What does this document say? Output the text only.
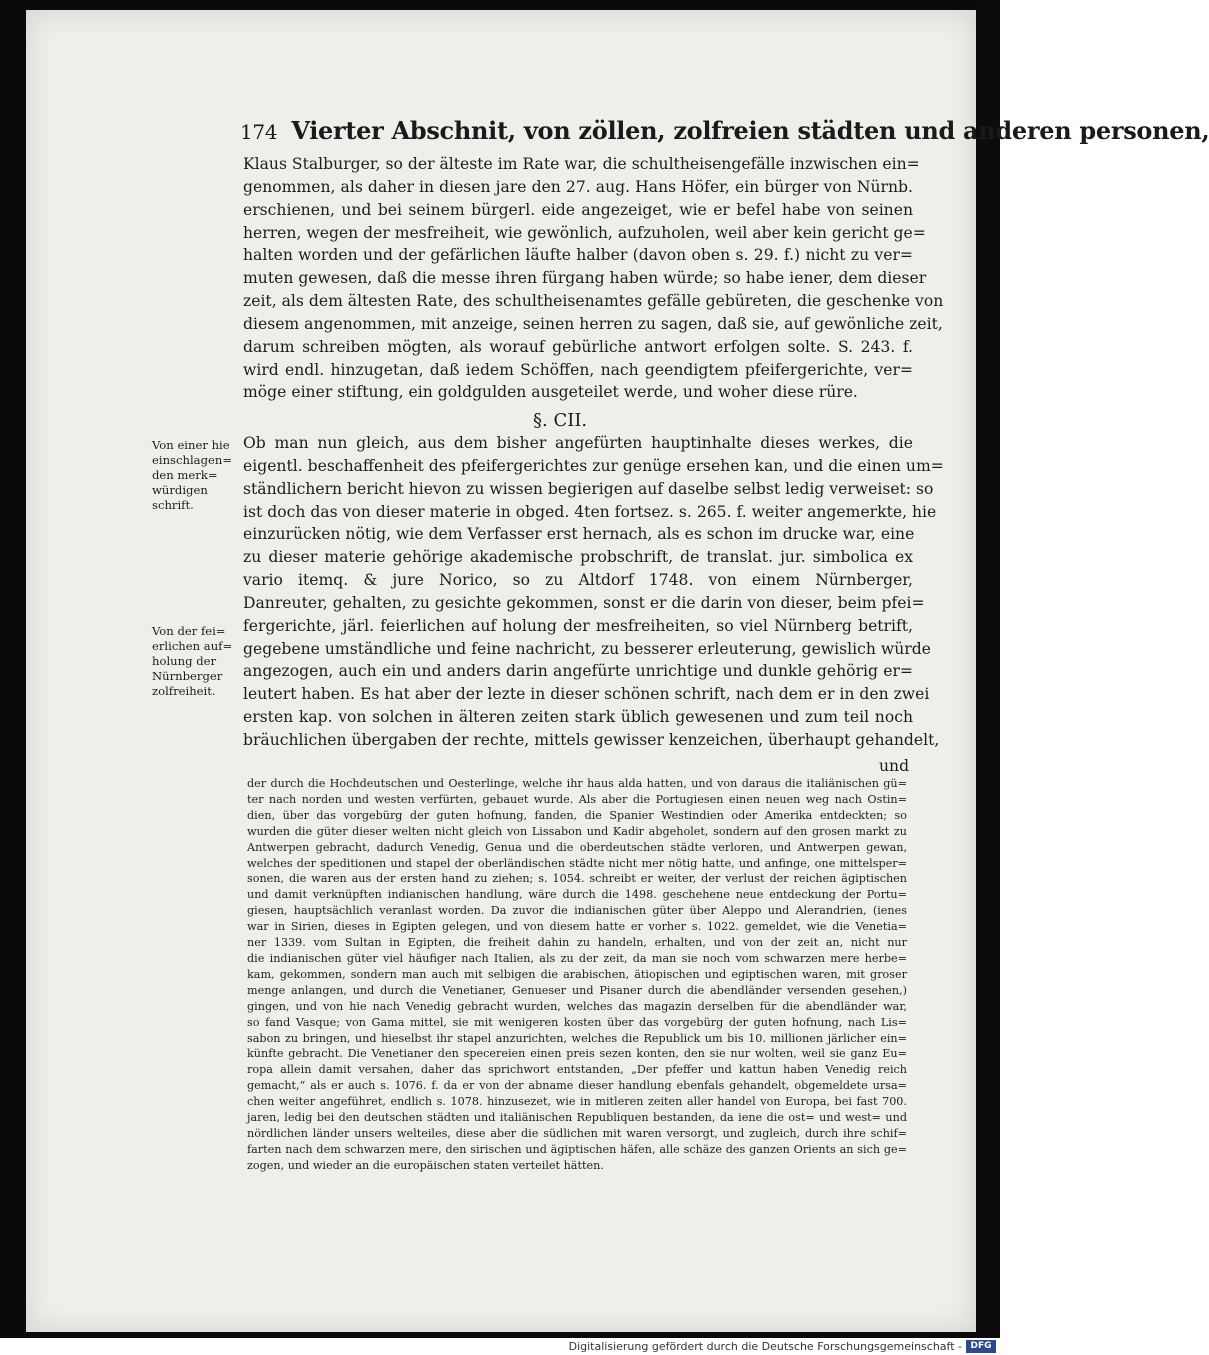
174 Vierter Abschnit, von zöllen, zolfreien städten und anderen personen,
Klaus Stalburger, so der älteste im Rate war, die schultheisengefälle inzwischen ein=
genommen, als daher in diesen jare den 27. aug. Hans Höfer, ein bürger von Nürnb.
erschienen, und bei seinem bürgerl. eide angezeiget, wie er befel habe von seinen
herren, wegen der mesfreiheit, wie gewönlich, aufzuholen, weil aber kein gericht ge=
halten worden und der gefärlichen läufte halber (davon oben s. 29. f.) nicht zu ver=
muten gewesen, daß die messe ihren fürgang haben würde; so habe iener, dem dieser
zeit, als dem ältesten Rate, des schultheisenamtes gefälle gebüreten, die geschenke von
diesem angenommen, mit anzeige, seinen herren zu sagen, daß sie, auf gewönliche zeit,
darum schreiben mögten, als worauf gebürliche antwort erfolgen solte. S. 243. f.
wird endl. hinzugetan, daß iedem Schöffen, nach geendigtem pfeifergerichte, ver=
möge einer stiftung, ein goldgulden ausgeteilet werde, und woher diese rüre.
§. CII.
Ob man nun gleich, aus dem bisher angefürten hauptinhalte dieses werkes, die
eigentl. beschaffenheit des pfeifergerichtes zur genüge ersehen kan, und die einen um=
ständlichern bericht hievon zu wissen begierigen auf daselbe selbst ledig verweiset: so
ist doch das von dieser materie in obged. 4ten fortsez. s. 265. f. weiter angemerkte, hie
einzurücken nötig, wie dem Verfasser erst hernach, als es schon im drucke war, eine
zu dieser materie gehörige akademische probschrift, de translat. jur. simbolica ex
vario itemq. & jure Norico, so zu Altdorf 1748. von einem Nürnberger,
Danreuter, gehalten, zu gesichte gekommen, sonst er die darin von dieser, beim pfei=
fergerichte, järl. feierlichen auf holung der mesfreiheiten, so viel Nürnberg betrift,
gegebene umständliche und feine nachricht, zu besserer erleuterung, gewislich würde
angezogen, auch ein und anders darin angefürte unrichtige und dunkle gehörig er=
leutert haben. Es hat aber der lezte in dieser schönen schrift, nach dem er in den zwei
ersten kap. von solchen in älteren zeiten stark üblich gewesenen und zum teil noch
bräuchlichen übergaben der rechte, mittels gewisser kenzeichen, überhaupt gehandelt,
und
Von einer hie
einschlagen=
den merk=
würdigen
schrift.
Von der fei=
erlichen auf=
holung der
Nürnberger
zolfreiheit.
der durch die Hochdeutschen und Oesterlinge, welche ihr haus alda hatten, und von daraus die italiänischen gü=
ter nach norden und westen verfürten, gebauet wurde. Als aber die Portugiesen einen neuen weg nach Ostin=
dien, über das vorgebürg der guten hofnung, fanden, die Spanier Westindien oder Amerika entdeckten; so
wurden die güter dieser welten nicht gleich von Lissabon und Kadir abgeholet, sondern auf den grosen markt zu
Antwerpen gebracht, dadurch Venedig, Genua und die oberdeutschen städte verloren, und Antwerpen gewan,
welches der speditionen und stapel der oberländischen städte nicht mer nötig hatte, und anfinge, one mittelsper=
sonen, die waren aus der ersten hand zu ziehen; s. 1054. schreibt er weiter, der verlust der reichen ägiptischen
und damit verknüpften indianischen handlung, wäre durch die 1498. geschehene neue entdeckung der Portu=
giesen, hauptsächlich veranlast worden. Da zuvor die indianischen güter über Aleppo und Alerandrien, (ienes
war in Sirien, dieses in Egipten gelegen, und von diesem hatte er vorher s. 1022. gemeldet, wie die Venetia=
ner 1339. vom Sultan in Egipten, die freiheit dahin zu handeln, erhalten, und von der zeit an, nicht nur
die indianischen güter viel häufiger nach Italien, als zu der zeit, da man sie noch vom schwarzen mere herbe=
kam, gekommen, sondern man auch mit selbigen die arabischen, ätiopischen und egiptischen waren, mit groser
menge anlangen, und durch die Venetianer, Genueser und Pisaner durch die abendländer versenden gesehen,)
gingen, und von hie nach Venedig gebracht wurden, welches das magazin derselben für die abendländer war,
so fand Vasque; von Gama mittel, sie mit wenigeren kosten über das vorgebürg der guten hofnung, nach Lis=
sabon zu bringen, und hieselbst ihr stapel anzurichten, welches die Republick um bis 10. millionen järlicher ein=
künfte gebracht. Die Venetianer den specereien einen preis sezen konten, den sie nur wolten, weil sie ganz Eu=
ropa allein damit versahen, daher das sprichwort entstanden, „Der pfeffer und kattun haben Venedig reich
gemacht,“ als er auch s. 1076. f. da er von der abname dieser handlung ebenfals gehandelt, obgemeldete ursa=
chen weiter angeführet, endlich s. 1078. hinzusezet, wie in mitleren zeiten aller handel von Europa, bei fast 700.
jaren, ledig bei den deutschen städten und italiänischen Republiquen bestanden, da iene die ost= und west= und
nördlichen länder unsers welteiles, diese aber die südlichen mit waren versorgt, und zugleich, durch ihre schif=
farten nach dem schwarzen mere, den sirischen und ägiptischen häfen, alle schäze des ganzen Orients an sich ge=
zogen, und wieder an die europäischen staten verteilet hätten.
Digitalisierung gefördert durch die Deutsche Forschungsgemeinschaft - DFG
